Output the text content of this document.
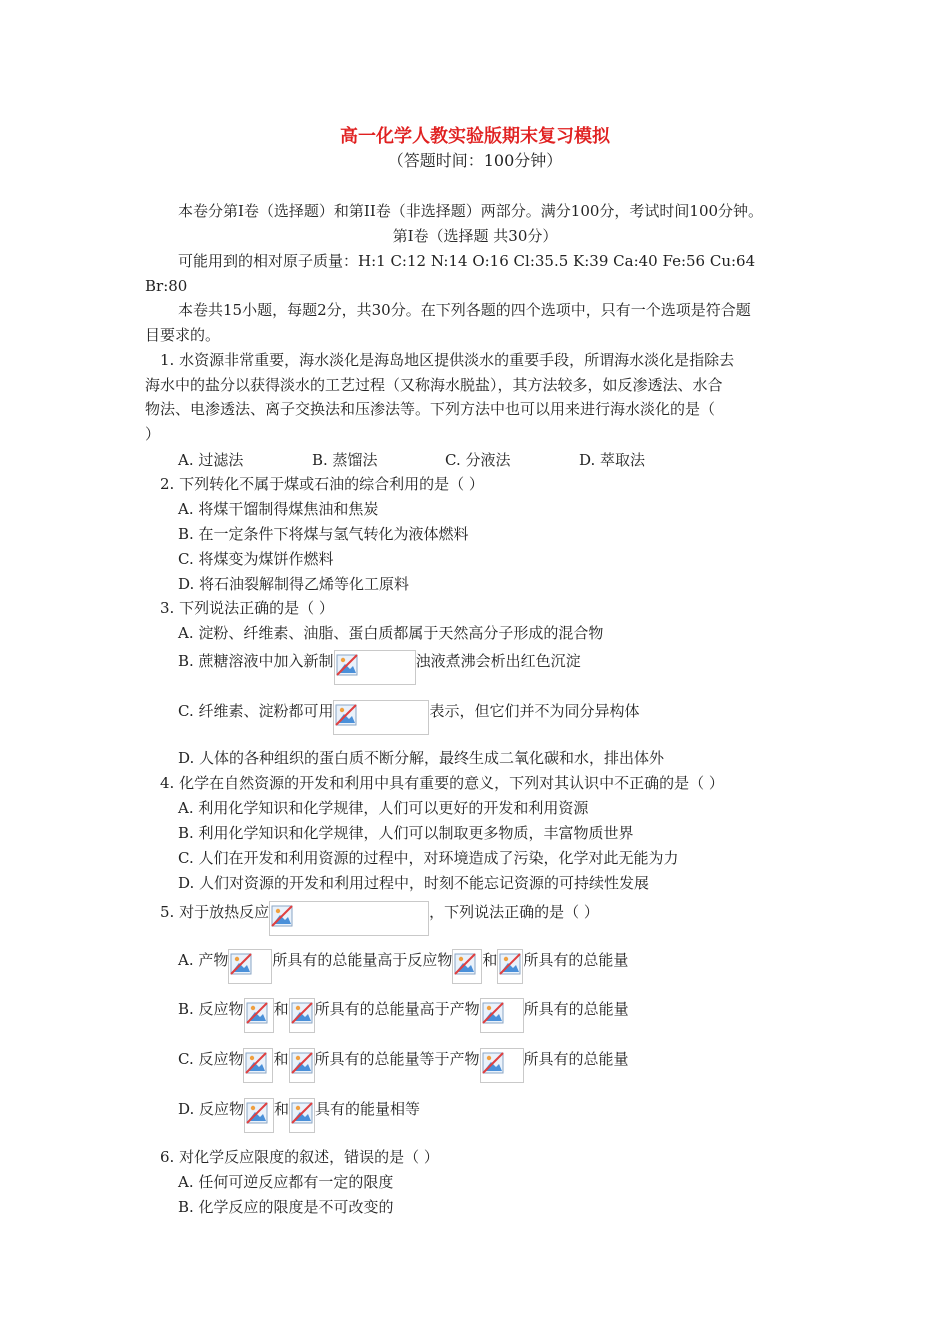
高一化学人教实验版期末复习模拟
（答题时间：100分钟）
本卷分第I卷（选择题）和第II卷（非选择题）两部分。满分100分，考试时间100分钟。
第I卷（选择题 共30分）
可能用到的相对原子质量：H:1 C:12 N:14 O:16 Cl:35.5 K:39 Ca:40 Fe:56 Cu:64
Br:80
本卷共15小题，每题2分，共30分。在下列各题的四个选项中，只有一个选项是符合题
目要求的。
1. 水资源非常重要，海水淡化是海岛地区提供淡水的重要手段，所谓海水淡化是指除去
海水中的盐分以获得淡水的工艺过程（又称海水脱盐），其方法较多，如反渗透法、水合
物法、电渗透法、离子交换法和压渗法等。下列方法中也可以用来进行海水淡化的是（
）
A. 过滤法	B. 蒸馏法	C. 分液法	D. 萃取法
2. 下列转化不属于煤或石油的综合利用的是（ ）
A. 将煤干馏制得煤焦油和焦炭
B. 在一定条件下将煤与氢气转化为液体燃料
C. 将煤变为煤饼作燃料
D. 将石油裂解制得乙烯等化工原料
3. 下列说法正确的是（ ）
A. 淀粉、纤维素、油脂、蛋白质都属于天然高分子形成的混合物
B. 蔗糖溶液中加入新制	浊液煮沸会析出红色沉淀
C. 纤维素、淀粉都可用	表示，但它们并不为同分异构体
D. 人体的各种组织的蛋白质不断分解，最终生成二氧化碳和水，排出体外
4. 化学在自然资源的开发和利用中具有重要的意义，下列对其认识中不正确的是（ ）
A. 利用化学知识和化学规律，人们可以更好的开发和利用资源
B. 利用化学知识和化学规律，人们可以制取更多物质，丰富物质世界
C. 人们在开发和利用资源的过程中，对环境造成了污染，化学对此无能为力
D. 人们对资源的开发和利用过程中，时刻不能忘记资源的可持续性发展
5. 对于放热反应	，下列说法正确的是（ ）
A. 产物	所具有的总能量高于反应物 和 所具有的总能量
B. 反应物 和 所具有的总能量高于产物	所具有的总能量
C. 反应物 和 所具有的总能量等于产物	所具有的总能量
D. 反应物 和 具有的能量相等
6. 对化学反应限度的叙述，错误的是（ ）
A. 任何可逆反应都有一定的限度
B. 化学反应的限度是不可改变的
